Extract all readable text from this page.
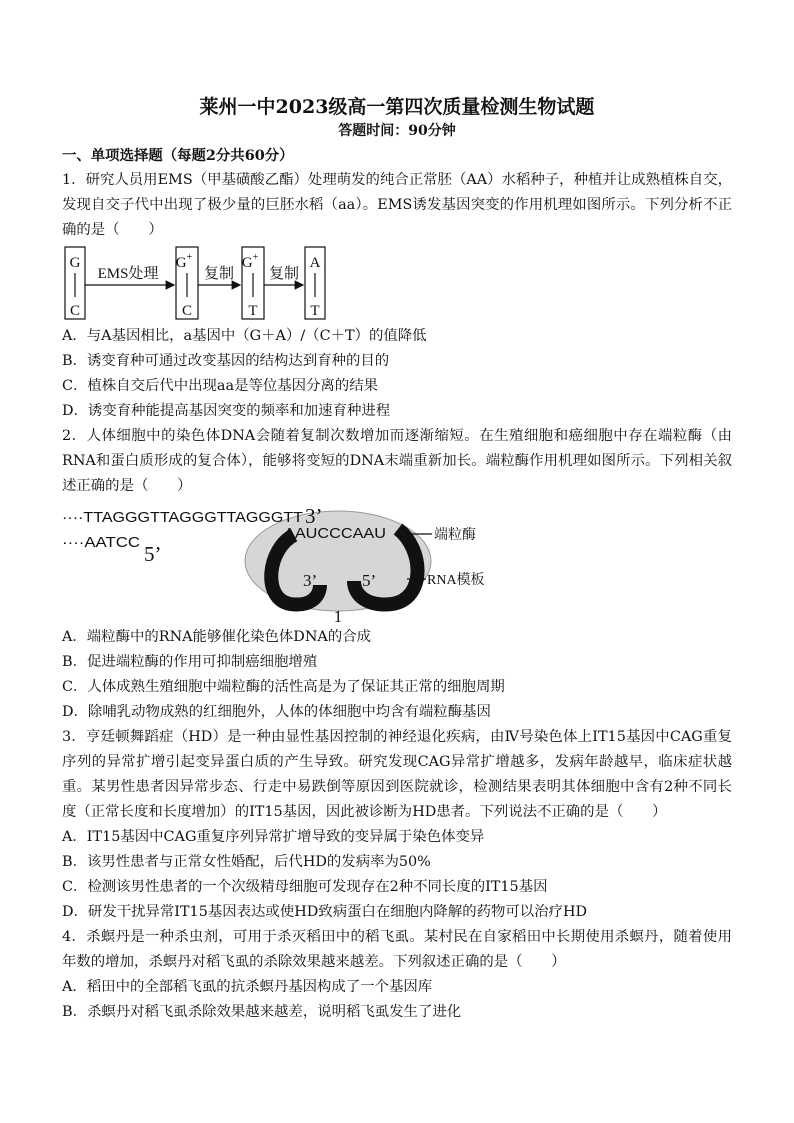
莱州一中2023级高一第四次质量检测生物试题
答题时间：90分钟
一、单项选择题（每题2分共60分）

1．研究人员用EMS（甲基磺酸乙酯）处理萌发的纯合正常胚（AA）水稻种子，种植并让成熟植株自交，发现自交子代中出现了极少量的巨胚水稻（aa）。EMS诱发基因突变的作用机理如图所示。下列分析不正确的是（　　）

G
C
EMS处理
G+
C
复制
G+
T
复制
A
T
A．与A基因相比，a基因中（G＋A）/（C＋T）的值降低
B．诱变育种可通过改变基因的结构达到育种的目的
C．植株自交后代中出现aa是等位基因分离的结果
D．诱变育种能提高基因突变的频率和加速育种进程

2．人体细胞中的染色体DNA会随着复制次数增加而逐渐缩短。在生殖细胞和癌细胞中存在端粒酶（由RNA和蛋白质形成的复合体），能够将变短的DNA末端重新加长。端粒酶作用机理如图所示。下列相关叙述正确的是（　　）

····TTAGGGTTAGGGTTAGGGTT 3’
····AATCC 5’
AAUCCCAAU
3’	5’
1
端粒酶
RNA模板
A．端粒酶中的RNA能够催化染色体DNA的合成
B．促进端粒酶的作用可抑制癌细胞增殖
C．人体成熟生殖细胞中端粒酶的活性高是为了保证其正常的细胞周期
D．除哺乳动物成熟的红细胞外，人体的体细胞中均含有端粒酶基因

3．亨廷顿舞蹈症（HD）是一种由显性基因控制的神经退化疾病，由Ⅳ号染色体上IT15基因中CAG重复序列的异常扩增引起变异蛋白质的产生导致。研究发现CAG异常扩增越多，发病年龄越早，临床症状越重。某男性患者因异常步态、行走中易跌倒等原因到医院就诊，检测结果表明其体细胞中含有2种不同长度（正常长度和长度增加）的IT15基因，因此被诊断为HD患者。下列说法不正确的是（　　）

A．IT15基因中CAG重复序列异常扩增导致的变异属于染色体变异
B．该男性患者与正常女性婚配，后代HD的发病率为50%
C．检测该男性患者的一个次级精母细胞可发现存在2种不同长度的IT15基因
D．研发干扰异常IT15基因表达或使HD致病蛋白在细胞内降解的药物可以治疗HD

4．杀螟丹是一种杀虫剂，可用于杀灭稻田中的稻飞虱。某村民在自家稻田中长期使用杀螟丹，随着使用年数的增加，杀螟丹对稻飞虱的杀除效果越来越差。下列叙述正确的是（　　）

A．稻田中的全部稻飞虱的抗杀螟丹基因构成了一个基因库
B．杀螟丹对稻飞虱杀除效果越来越差，说明稻飞虱发生了进化
